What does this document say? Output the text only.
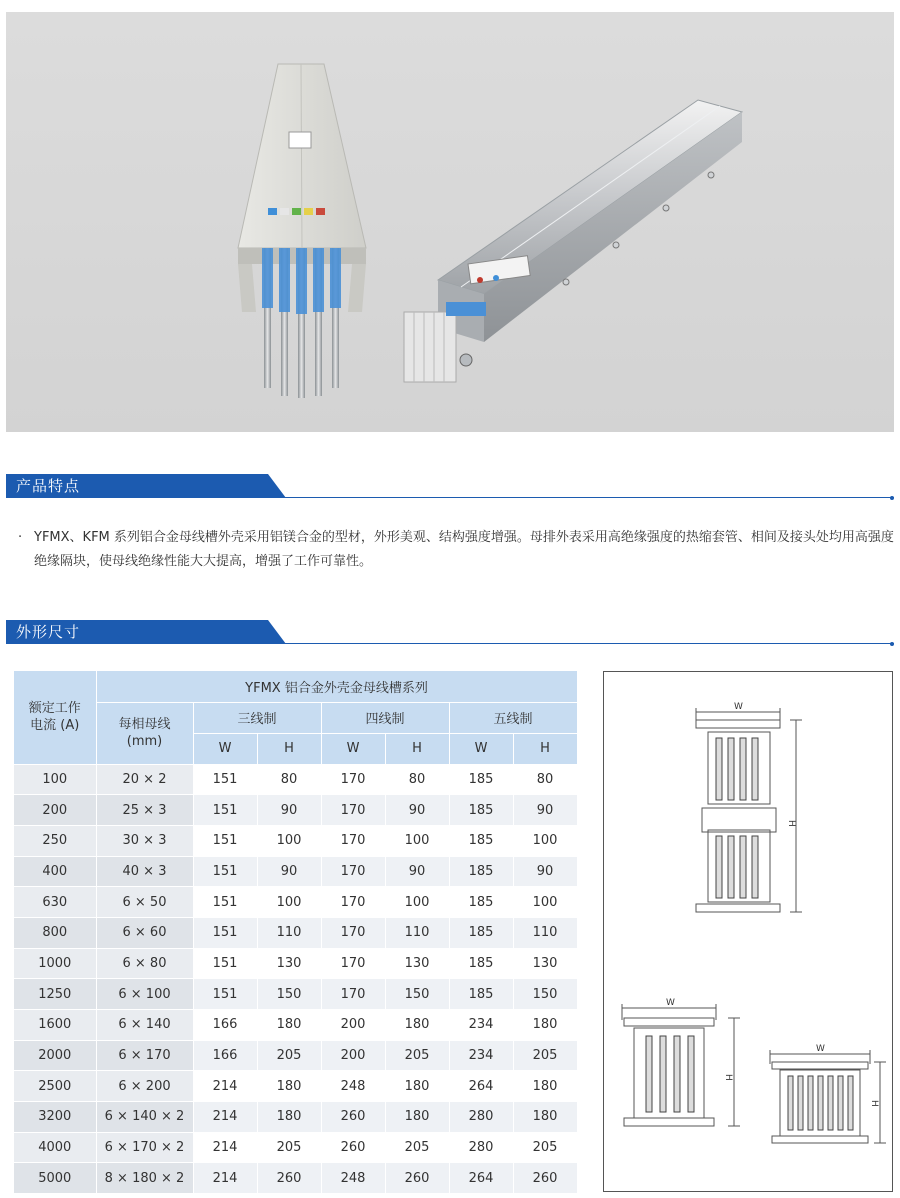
产品特点
· YFMX、KFM 系列铝合金母线槽外壳采用铝镁合金的型材，外形美观、结构强度增强。母排外表采用高绝缘强度的热缩套管、相间及接头处均用高强度绝缘隔块，使母线绝缘性能大大提高，增强了工作可靠性。
外形尺寸
额定工作
电流 (A)	YFMX 铝合金外壳金母线槽系列						

	每相母线
(mm)	三线制		四线制		五线制	
		W	H	W	H	W	H
100	20 × 2	151	80	170	80	185	80
200	25 × 3	151	90	170	90	185	90
250	30 × 3	151	100	170	100	185	100
400	40 × 3	151	90	170	90	185	90
630	6 × 50	151	100	170	100	185	100
800	6 × 60	151	110	170	110	185	110
1000	6 × 80	151	130	170	130	185	130
1250	6 × 100	151	150	170	150	185	150
1600	6 × 140	166	180	200	180	234	180
2000	6 × 170	166	205	200	205	234	205
2500	6 × 200	214	180	248	180	264	180
3200	6 × 140 × 2	214	180	260	180	280	180
4000	6 × 170 × 2	214	205	260	205	280	205
5000	8 × 180 × 2	214	260	248	260	264	260
W
H
W
H
W
H
